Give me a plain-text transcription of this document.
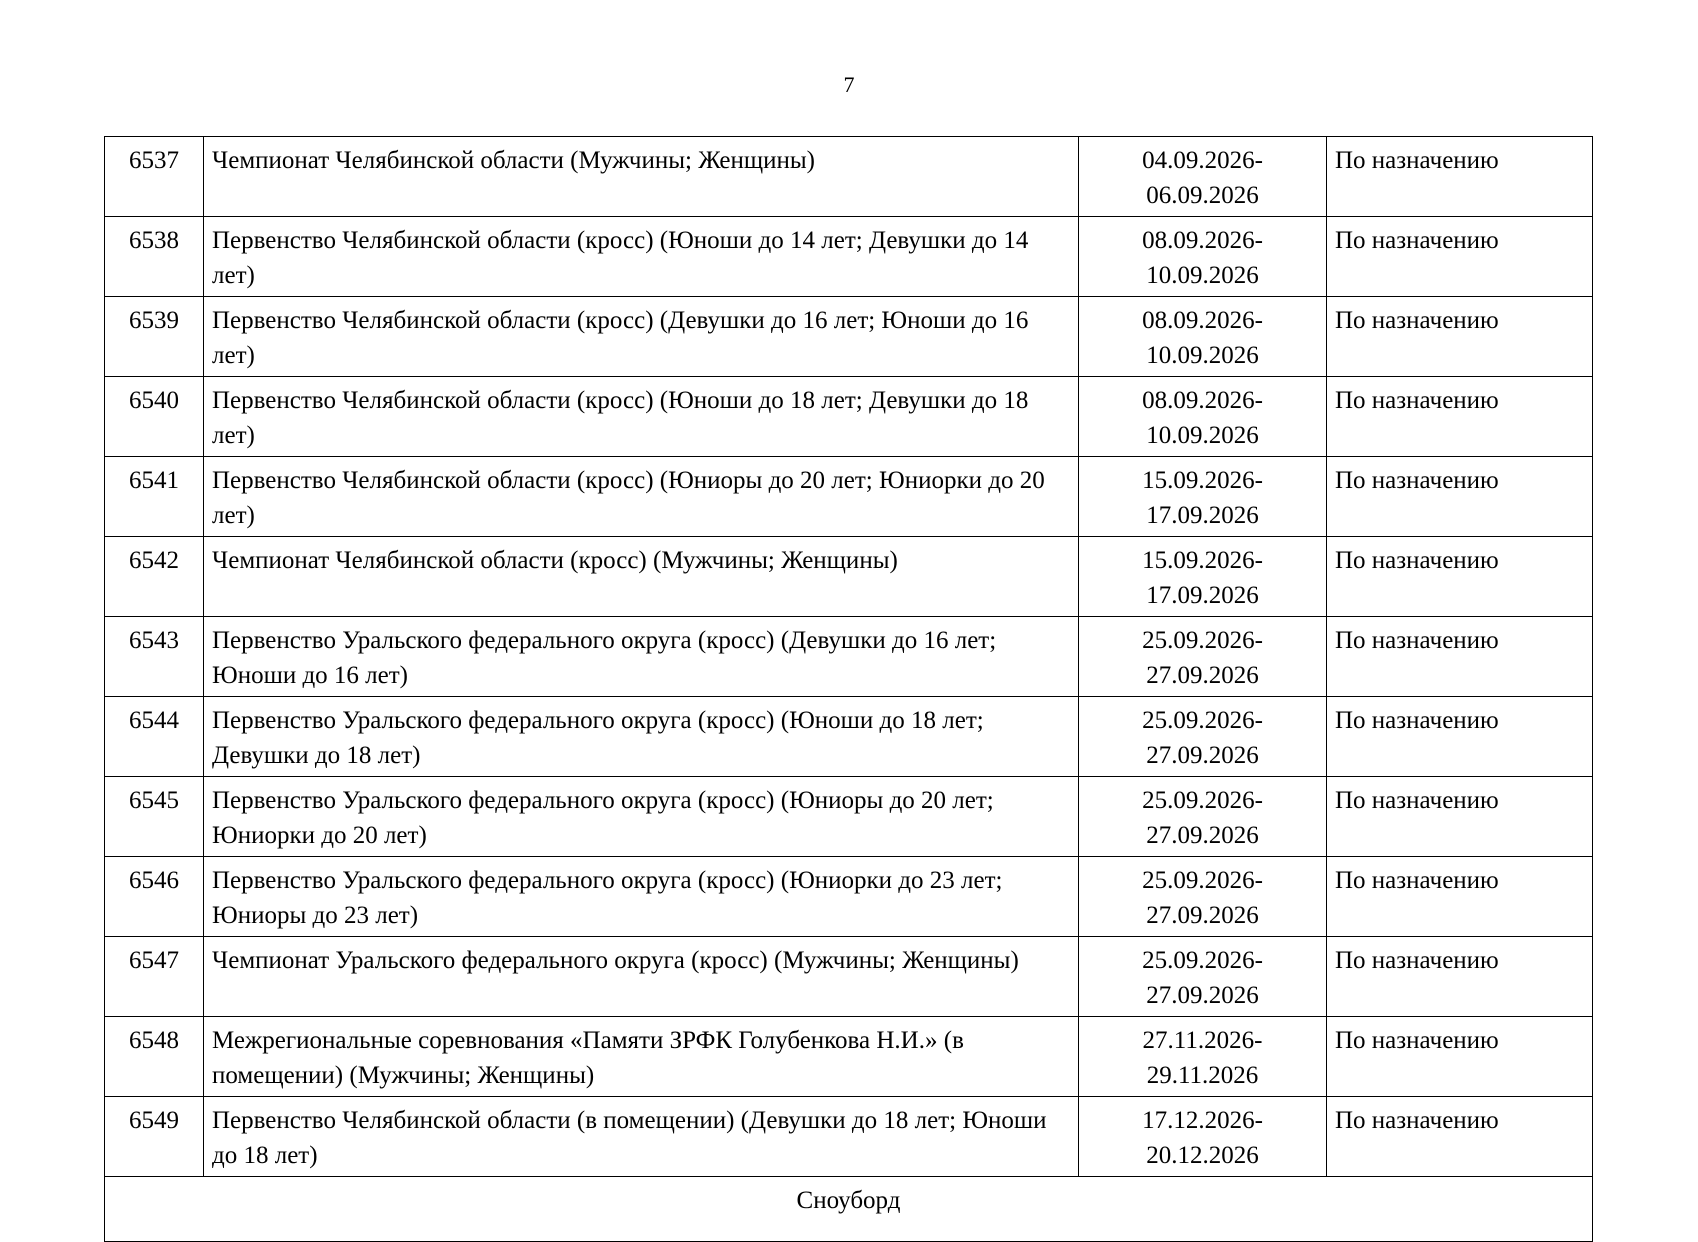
7
6537	Чемпионат Челябинской области (Мужчины; Женщины)	04.09.2026-
06.09.2026	По назначению
6538	Первенство Челябинской области (кросс) (Юноши до 14 лет; Девушки до 14 лет)	08.09.2026-
10.09.2026	По назначению
6539	Первенство Челябинской области (кросс) (Девушки до 16 лет; Юноши до 16 лет)	08.09.2026-
10.09.2026	По назначению
6540	Первенство Челябинской области (кросс) (Юноши до 18 лет; Девушки до 18 лет)	08.09.2026-
10.09.2026	По назначению
6541	Первенство Челябинской области (кросс) (Юниоры до 20 лет; Юниорки до 20 лет)	15.09.2026-
17.09.2026	По назначению
6542	Чемпионат Челябинской области (кросс) (Мужчины; Женщины)	15.09.2026-
17.09.2026	По назначению
6543	Первенство Уральского федерального округа (кросс) (Девушки до 16 лет; Юноши до 16 лет)	25.09.2026-
27.09.2026	По назначению
6544	Первенство Уральского федерального округа (кросс) (Юноши до 18 лет; Девушки до 18 лет)	25.09.2026-
27.09.2026	По назначению
6545	Первенство Уральского федерального округа (кросс) (Юниоры до 20 лет; Юниорки до 20 лет)	25.09.2026-
27.09.2026	По назначению
6546	Первенство Уральского федерального округа (кросс) (Юниорки до 23 лет; Юниоры до 23 лет)	25.09.2026-
27.09.2026	По назначению
6547	Чемпионат Уральского федерального округа (кросс) (Мужчины; Женщины)	25.09.2026-
27.09.2026	По назначению
6548	Межрегиональные соревнования «Памяти ЗРФК Голубенкова Н.И.» (в помещении) (Мужчины; Женщины)	27.11.2026-
29.11.2026	По назначению
6549	Первенство Челябинской области (в помещении) (Девушки до 18 лет; Юноши до 18 лет)	17.12.2026-
20.12.2026	По назначению
Сноуборд			
